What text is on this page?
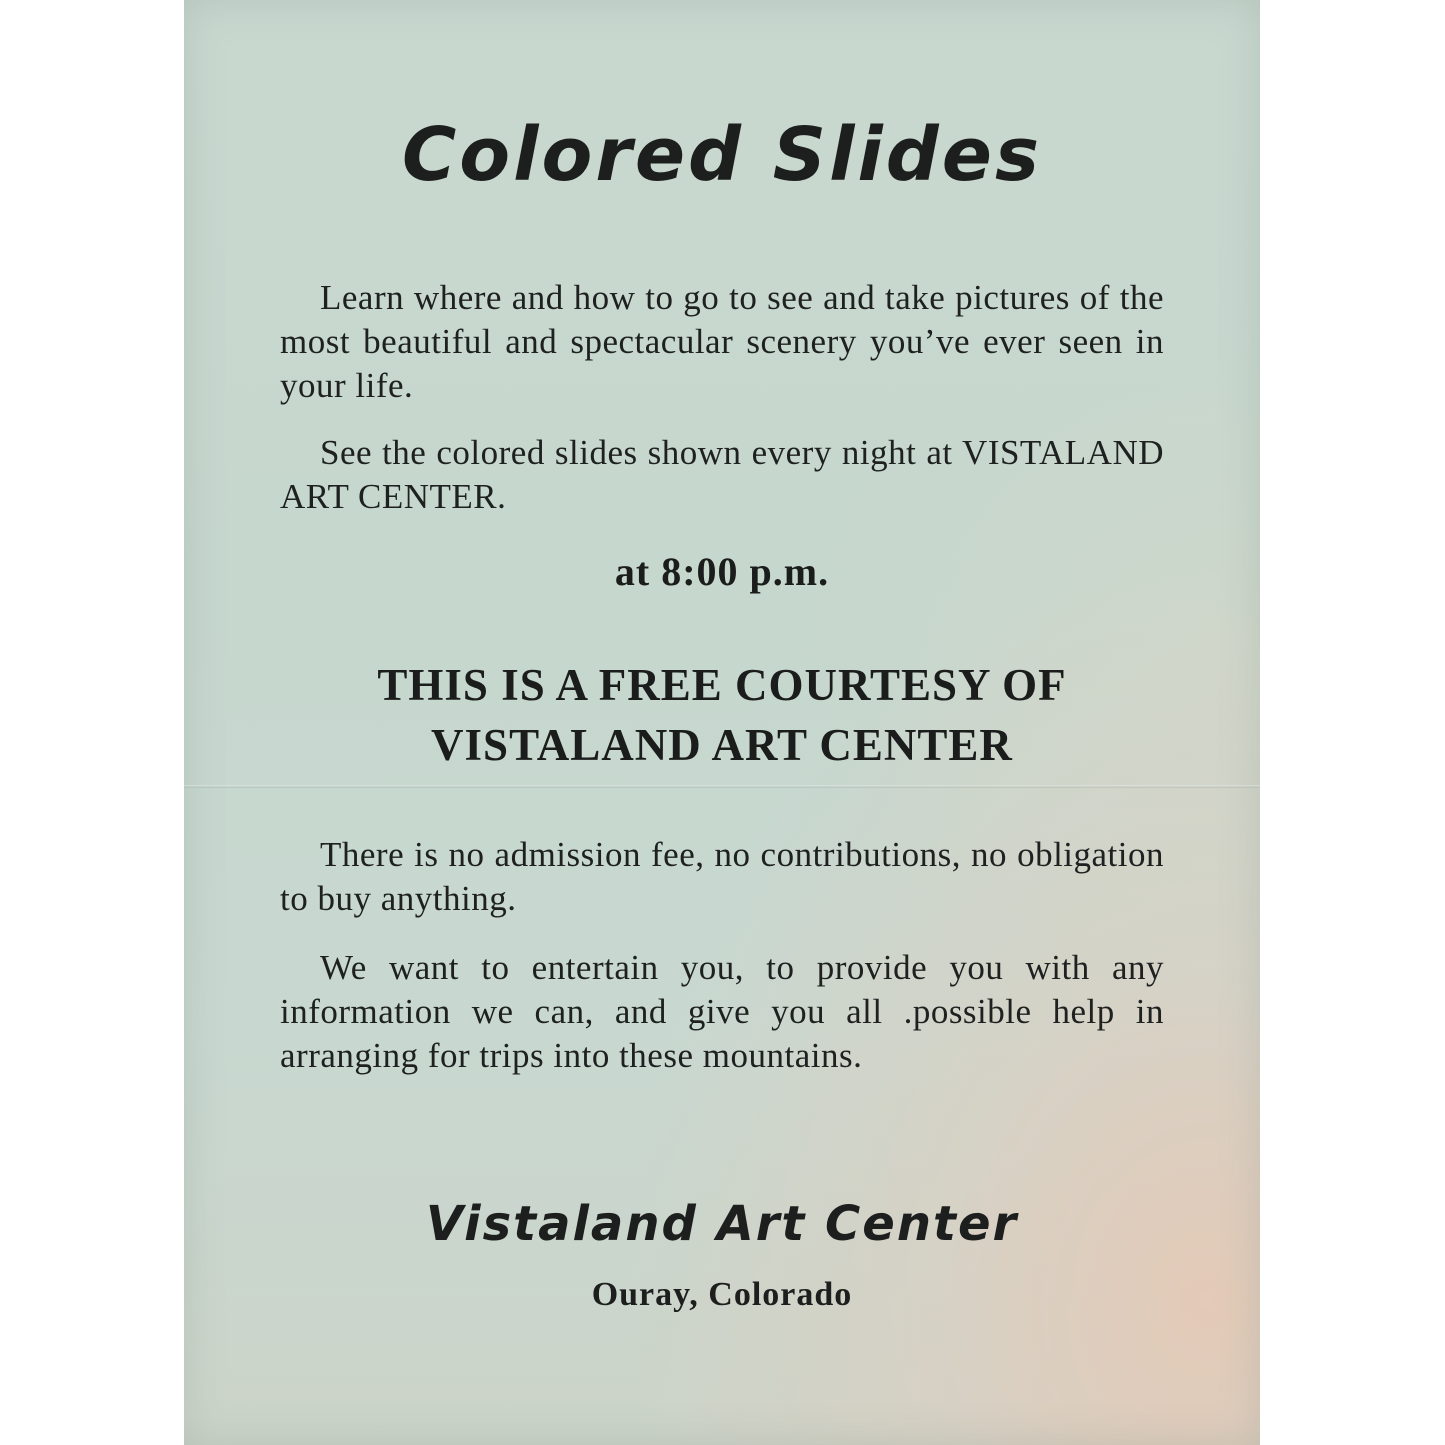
Colored Slides

Learn where and how to go to see and take pictures of the most beautiful and spectacular scenery you’ve ever seen in your life.

See the colored slides shown every night at VISTALAND ART CENTER.

at 8:00 p.m.
THIS IS A FREE COURTESY OF
VISTALAND ART CENTER

There is no admission fee, no contributions, no obligation to buy anything.

We want to entertain you, to provide you with any information we can, and give you all .possible help in arranging for trips into these mountains.

Vistaland Art Center
Ouray, Colorado
